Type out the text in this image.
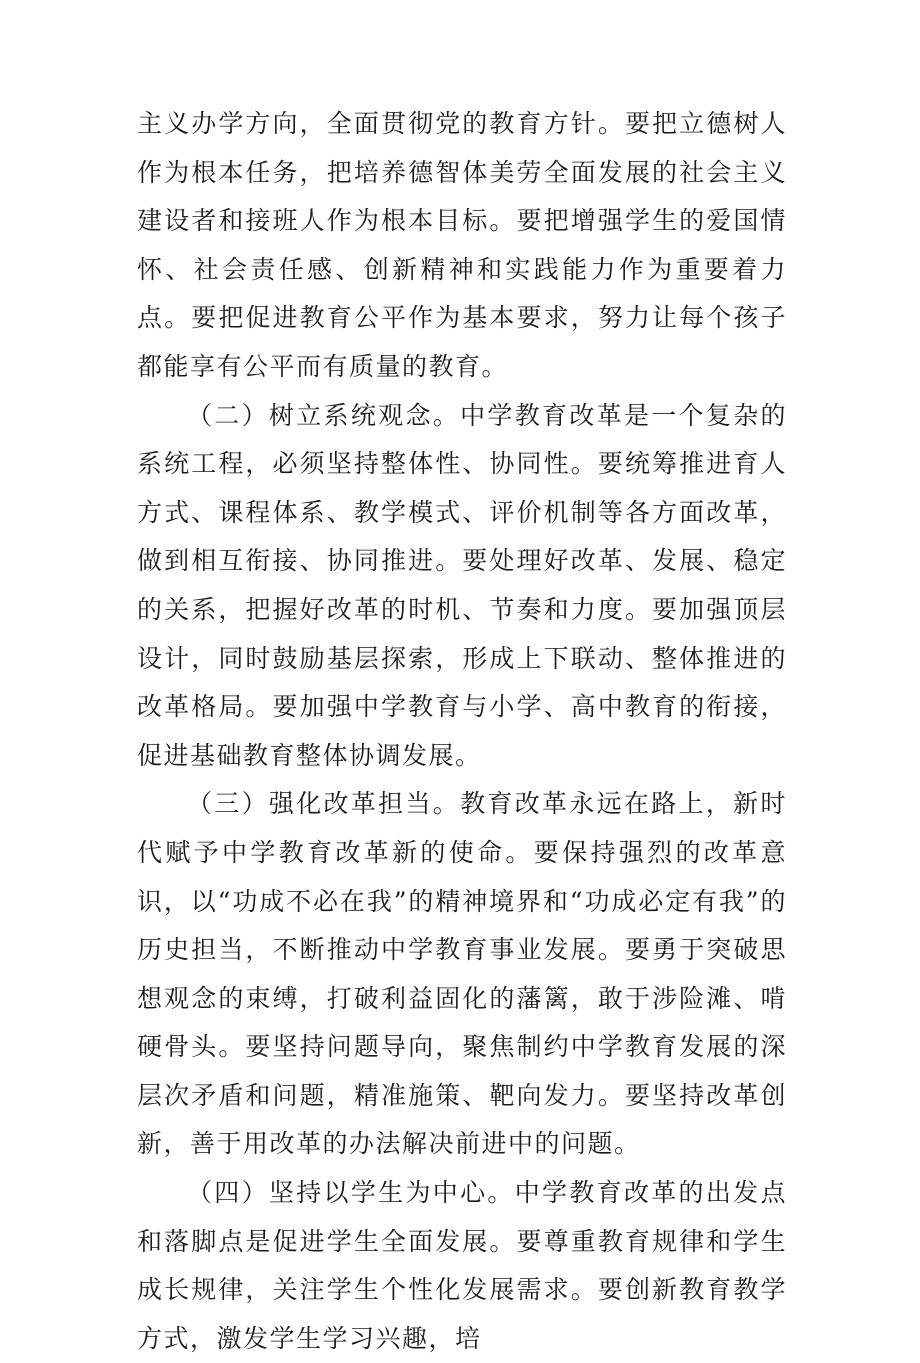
主义办学方向，全面贯彻党的教育方针。要把立德树人作为根本任务，把培养德智体美劳全面发展的社会主义建设者和接班人作为根本目标。要把增强学生的爱国情怀、社会责任感、创新精神和实践能力作为重要着力点。要把促进教育公平作为基本要求，努力让每个孩子都能享有公平而有质量的教育。

（二）树立系统观念。中学教育改革是一个复杂的系统工程，必须坚持整体性、协同性。要统筹推进育人方式、课程体系、教学模式、评价机制等各方面改革，做到相互衔接、协同推进。要处理好改革、发展、稳定的关系，把握好改革的时机、节奏和力度。要加强顶层设计，同时鼓励基层探索，形成上下联动、整体推进的改革格局。要加强中学教育与小学、高中教育的衔接，促进基础教育整体协调发展。

（三）强化改革担当。教育改革永远在路上，新时代赋予中学教育改革新的使命。要保持强烈的改革意识，以“功成不必在我”的精神境界和“功成必定有我”的历史担当，不断推动中学教育事业发展。要勇于突破思想观念的束缚，打破利益固化的藩篱，敢于涉险滩、啃硬骨头。要坚持问题导向，聚焦制约中学教育发展的深层次矛盾和问题，精准施策、靶向发力。要坚持改革创新，善于用改革的办法解决前进中的问题。

（四）坚持以学生为中心。中学教育改革的出发点和落脚点是促进学生全面发展。要尊重教育规律和学生成长规律，关注学生个性化发展需求。要创新教育教学方式，激发学生学习兴趣，培
